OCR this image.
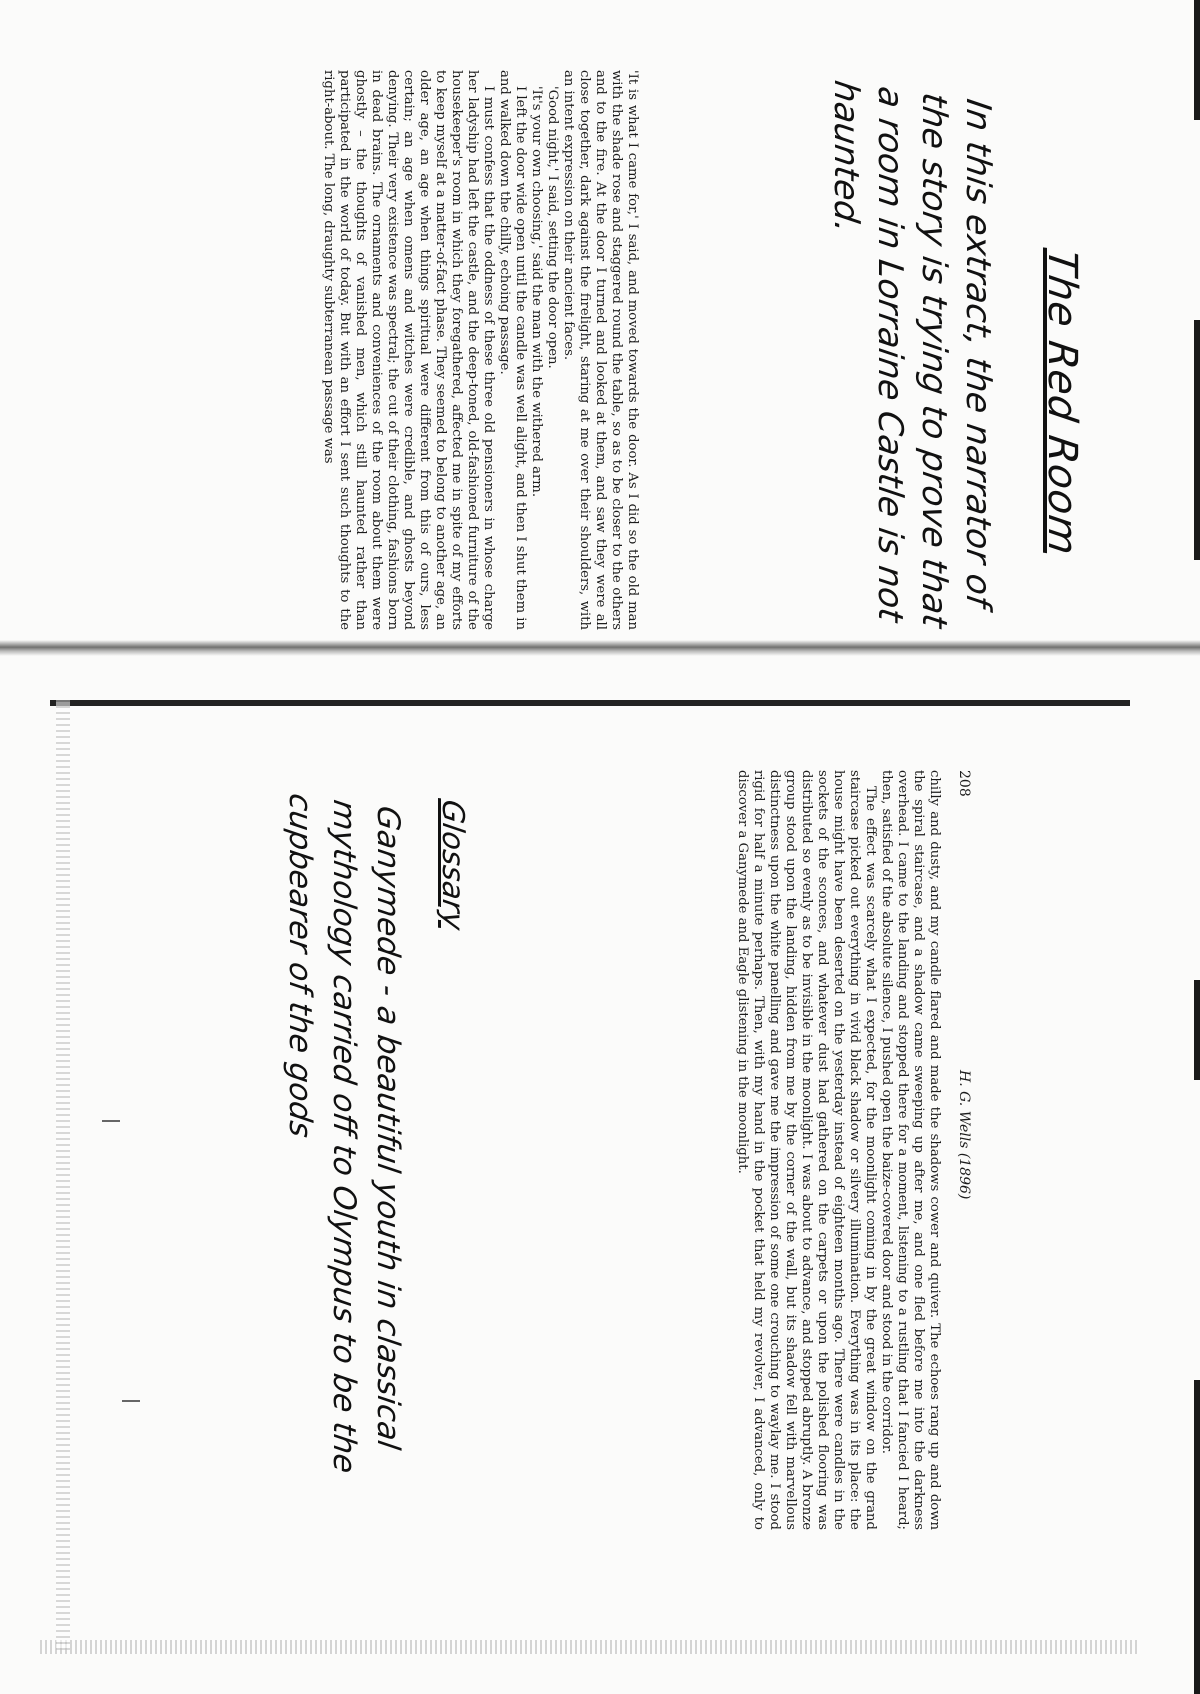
The Red Room
In this extract, the narrator of the story is trying to prove that a room in Lorraine Castle is not haunted.

'It is what I came for,' I said, and moved towards the door. As I did so the old man with the shade rose and staggered round the table, so as to be closer to the others and to the fire. At the door I turned and looked at them, and saw they were all close together, dark against the firelight, staring at me over their shoulders, with an intent expression on their ancient faces.

'Good night,' I said, setting the door open.

'It's your own choosing,' said the man with the withered arm.

I left the door wide open until the candle was well alight, and then I shut them in and walked down the chilly, echoing passage.

I must confess that the oddness of these three old pensioners in whose charge her ladyship had left the castle, and the deep-toned, old-fashioned furniture of the housekeeper's room in which they foregathered, affected me in spite of my efforts to keep myself at a matter-of-fact phase. They seemed to belong to another age, an older age, an age when things spiritual were different from this of ours, less certain; an age when omens and witches were credible, and ghosts beyond denying. Their very existence was spectral; the cut of their clothing, fashions born in dead brains. The ornaments and conveniences of the room about them were ghostly – the thoughts of vanished men, which still haunted rather than participated in the world of today. But with an effort I sent such thoughts to the right-about. The long, draughty subterranean passage was

208
H. G. Wells (1896)

chilly and dusty, and my candle flared and made the shadows cower and quiver. The echoes rang up and down the spiral staircase, and a shadow came sweeping up after me, and one fled before me into the darkness overhead. I came to the landing and stopped there for a moment, listening to a rustling that I fancied I heard; then, satisfied of the absolute silence, I pushed open the baize-covered door and stood in the corridor.

The effect was scarcely what I expected, for the moonlight coming in by the great window on the grand staircase picked out everything in vivid black shadow or silvery illumination. Everything was in its place: the house might have been deserted on the yesterday instead of eighteen months ago. There were candles in the sockets of the sconces, and whatever dust had gathered on the carpets or upon the polished flooring was distributed so evenly as to be invisible in the moonlight. I was about to advance, and stopped abruptly. A bronze group stood upon the landing, hidden from me by the corner of the wall, but its shadow fell with marvellous distinctness upon the white panelling and gave me the impression of some one crouching to waylay me. I stood rigid for half a minute perhaps. Then, with my hand in the pocket that held my revolver, I advanced, only to discover a Ganymede and Eagle glistening in the moonlight.

Glossary
Ganymede - a beautiful youth in classical mythology carried off to Olympus to be the cupbearer of the gods
